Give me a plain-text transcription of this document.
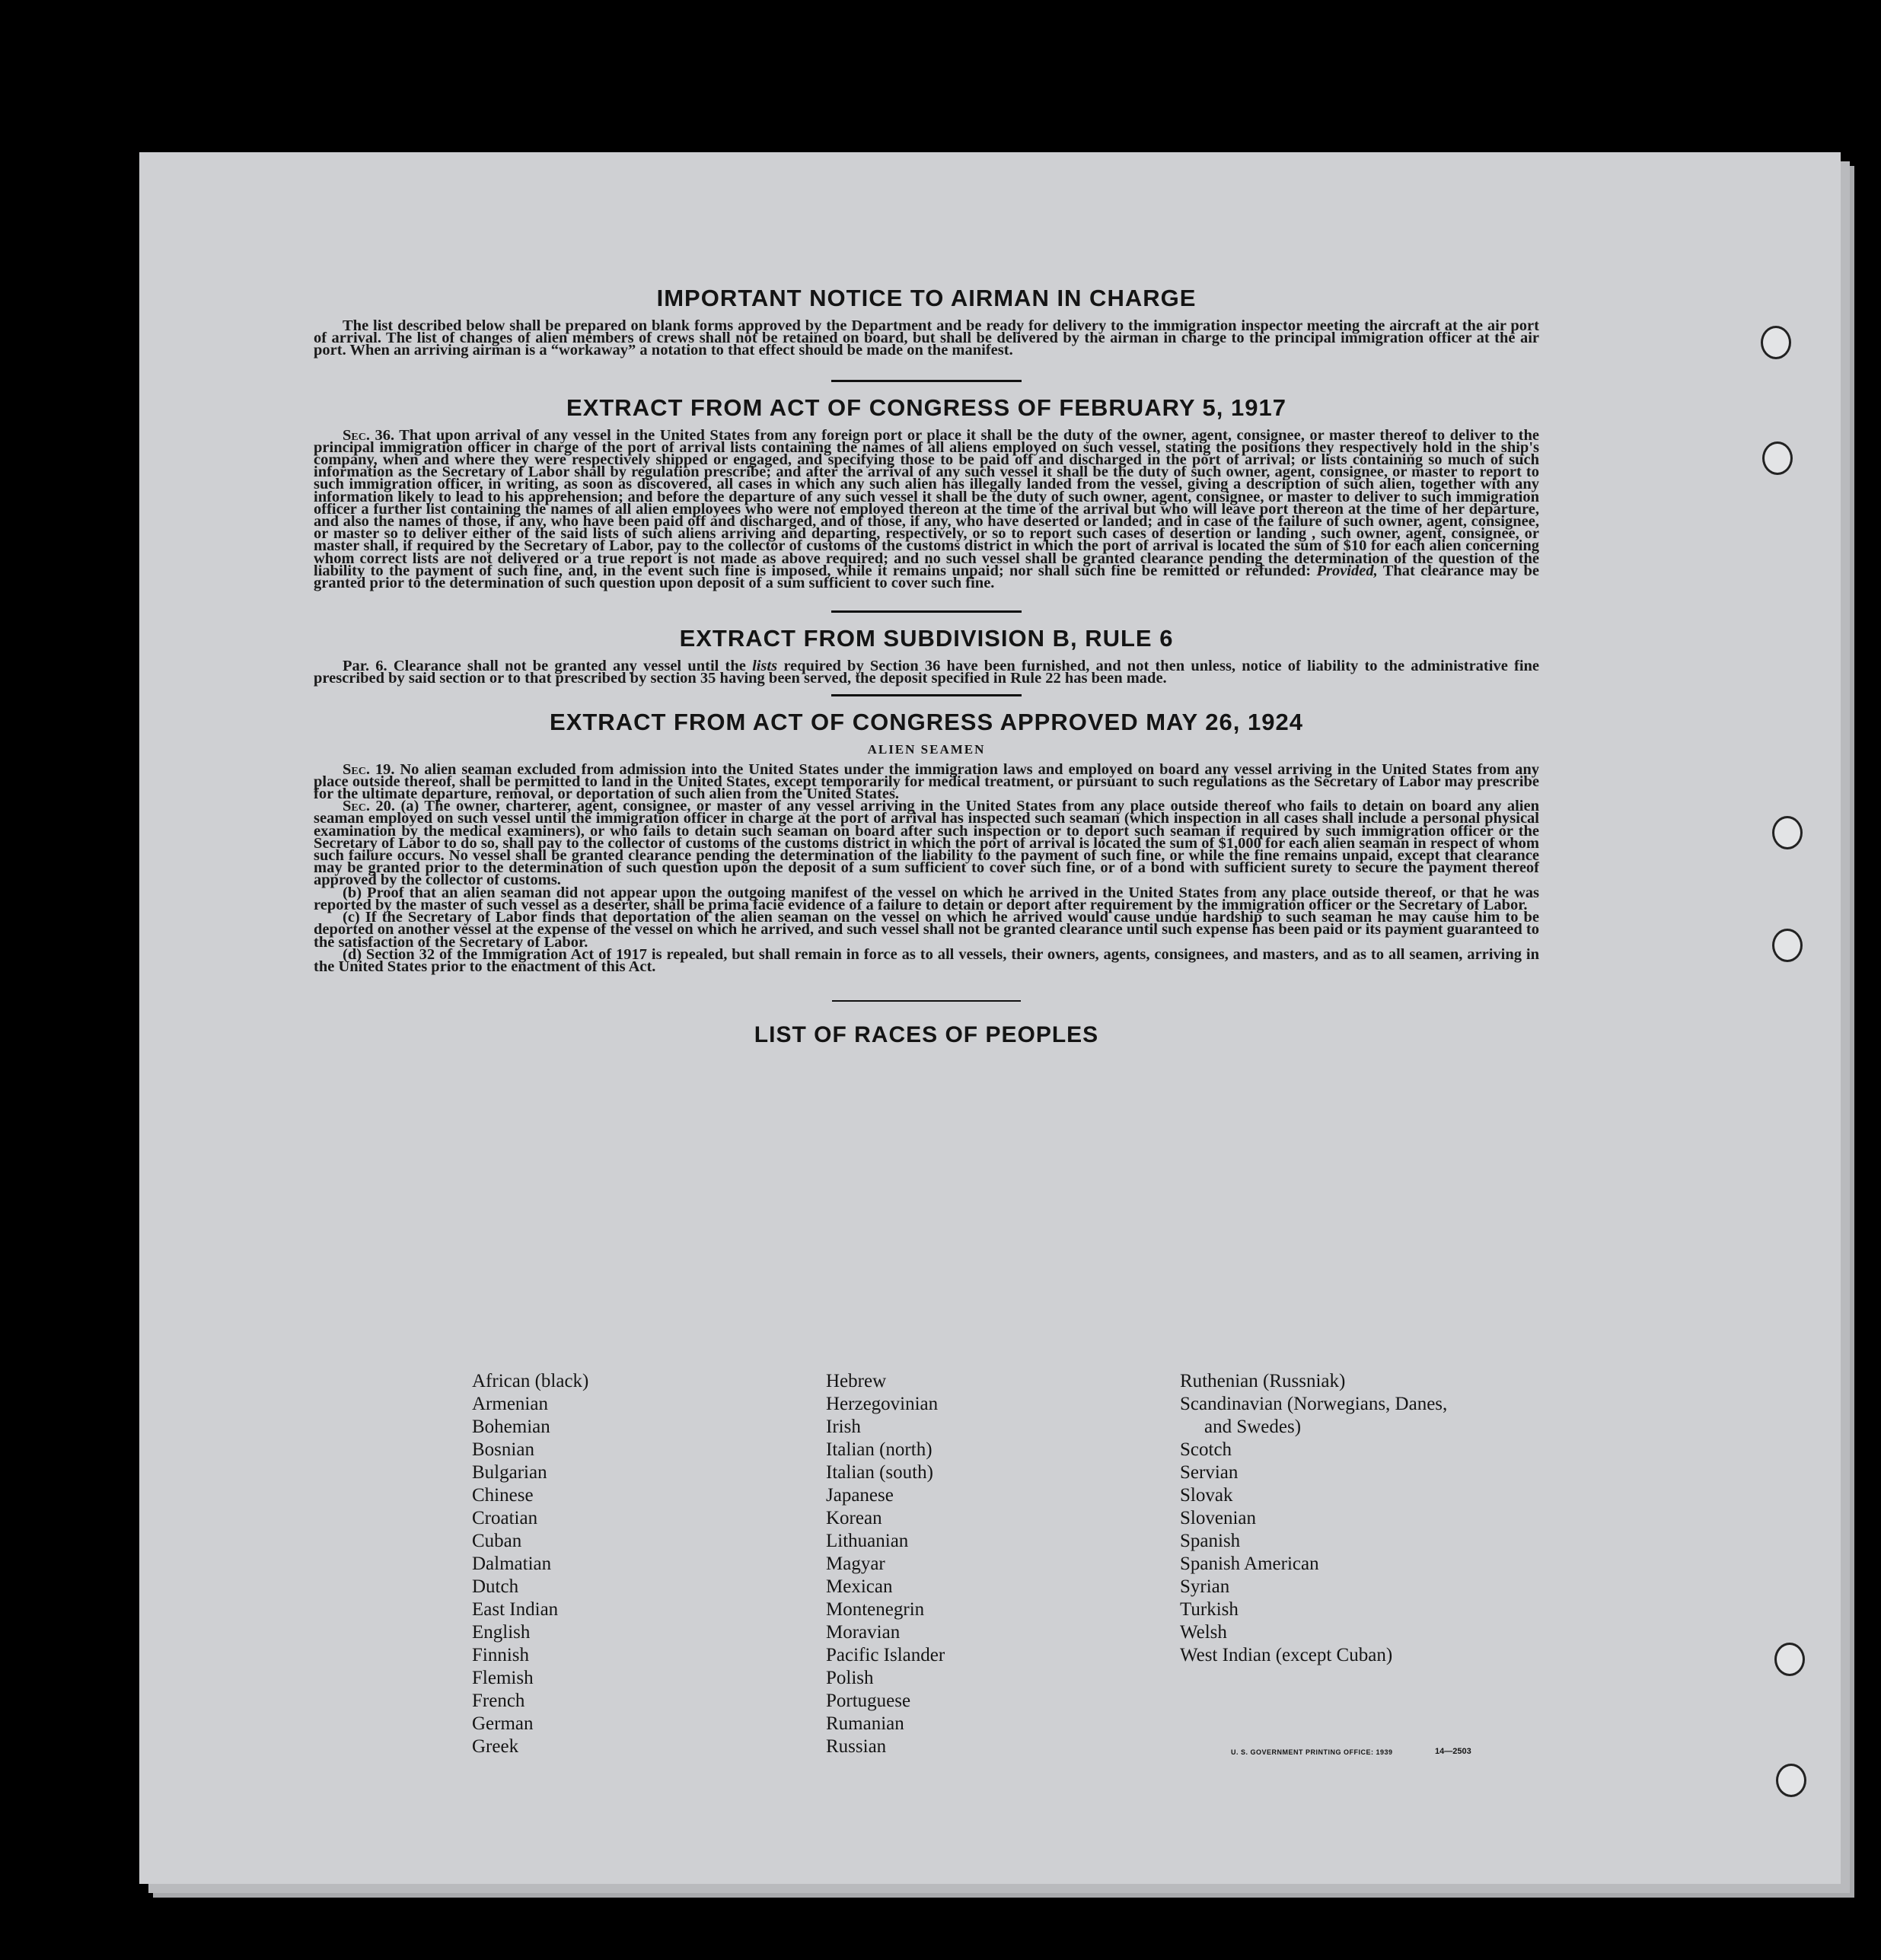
IMPORTANT NOTICE TO AIRMAN IN CHARGE

The list described below shall be prepared on blank forms approved by the Department and be ready for delivery to the immigration inspector meeting the aircraft at the air port of arrival. The list of changes of alien members of crews shall not be retained on board, but shall be delivered by the airman in charge to the principal immigration officer at the air port. When an arriving airman is a “workaway” a notation to that effect should be made on the manifest.

EXTRACT FROM ACT OF CONGRESS OF FEBRUARY 5, 1917

Sec. 36. That upon arrival of any vessel in the United States from any foreign port or place it shall be the duty of the owner, agent, consignee, or master thereof to deliver to the principal immigration officer in charge of the port of arrival lists containing the names of all aliens employed on such vessel, stating the positions they respectively hold in the ship's company, when and where they were respectively shipped or engaged, and specifying those to be paid off and discharged in the port of arrival; or lists containing so much of such information as the Secretary of Labor shall by regulation prescribe; and after the arrival of any such vessel it shall be the duty of such owner, agent, consignee, or master to report to such immigration officer, in writing, as soon as discovered, all cases in which any such alien has illegally landed from the vessel, giving a description of such alien, together with any information likely to lead to his apprehension; and before the departure of any such vessel it shall be the duty of such owner, agent, consignee, or master to deliver to such immigration officer a further list containing the names of all alien employees who were not employed thereon at the time of the arrival but who will leave port thereon at the time of her departure, and also the names of those, if any, who have been paid off and discharged, and of those, if any, who have deserted or landed; and in case of the failure of such owner, agent, consignee, or master so to deliver either of the said lists of such aliens arriving and departing, respectively, or so to report such cases of desertion or landing , such owner, agent, consignee, or master shall, if required by the Secretary of Labor, pay to the collector of customs of the customs district in which the port of arrival is located the sum of $10 for each alien concerning whom correct lists are not delivered or a true report is not made as above required; and no such vessel shall be granted clearance pending the determination of the question of the liability to the payment of such fine, and, in the event such fine is imposed, while it remains unpaid; nor shall such fine be remitted or refunded: Provided, That clearance may be granted prior to the determination of such question upon deposit of a sum sufficient to cover such fine.

EXTRACT FROM SUBDIVISION B, RULE 6

Par. 6. Clearance shall not be granted any vessel until the lists required by Section 36 have been furnished, and not then unless, notice of liability to the administrative fine prescribed by said section or to that prescribed by section 35 having been served, the deposit specified in Rule 22 has been made.

EXTRACT FROM ACT OF CONGRESS APPROVED MAY 26, 1924
ALIEN SEAMEN

Sec. 19. No alien seaman excluded from admission into the United States under the immigration laws and employed on board any vessel arriving in the United States from any place outside thereof, shall be permitted to land in the United States, except temporarily for medical treatment, or pursuant to such regulations as the Secretary of Labor may prescribe for the ultimate departure, removal, or deportation of such alien from the United States.

Sec. 20. (a) The owner, charterer, agent, consignee, or master of any vessel arriving in the United States from any place outside thereof who fails to detain on board any alien seaman employed on such vessel until the immigration officer in charge at the port of arrival has inspected such seaman (which inspection in all cases shall include a personal physical examination by the medical examiners), or who fails to detain such seaman on board after such inspection or to deport such seaman if required by such immigration officer or the Secretary of Labor to do so, shall pay to the collector of customs of the customs district in which the port of arrival is located the sum of $1,000 for each alien seaman in respect of whom such failure occurs. No vessel shall be granted clearance pending the determination of the liability to the payment of such fine, or while the fine remains unpaid, except that clearance may be granted prior to the determination of such question upon the deposit of a sum sufficient to cover such fine, or of a bond with sufficient surety to secure the payment thereof approved by the collector of customs.

(b) Proof that an alien seaman did not appear upon the outgoing manifest of the vessel on which he arrived in the United States from any place outside thereof, or that he was reported by the master of such vessel as a deserter, shall be prima facie evidence of a failure to detain or deport after requirement by the immigration officer or the Secretary of Labor.

(c) If the Secretary of Labor finds that deportation of the alien seaman on the vessel on which he arrived would cause undue hardship to such seaman he may cause him to be deported on another vessel at the expense of the vessel on which he arrived, and such vessel shall not be granted clearance until such expense has been paid or its payment guaranteed to the satisfaction of the Secretary of Labor.

(d) Section 32 of the Immigration Act of 1917 is repealed, but shall remain in force as to all vessels, their owners, agents, consignees, and masters, and as to all seamen, arriving in the United States prior to the enactment of this Act.

LIST OF RACES OF PEOPLES
African (black)
Armenian
Bohemian
Bosnian
Bulgarian
Chinese
Croatian
Cuban
Dalmatian
Dutch
East Indian
English
Finnish
Flemish
French
German
Greek
Hebrew
Herzegovinian
Irish
Italian (north)
Italian (south)
Japanese
Korean
Lithuanian
Magyar
Mexican
Montenegrin
Moravian
Pacific Islander
Polish
Portuguese
Rumanian
Russian
Ruthenian (Russniak)
Scandinavian (Norwegians, Danes,
and Swedes)
Scotch
Servian
Slovak
Slovenian
Spanish
Spanish American
Syrian
Turkish
Welsh
West Indian (except Cuban)
U. S. GOVERNMENT PRINTING OFFICE: 1939	14—2503
